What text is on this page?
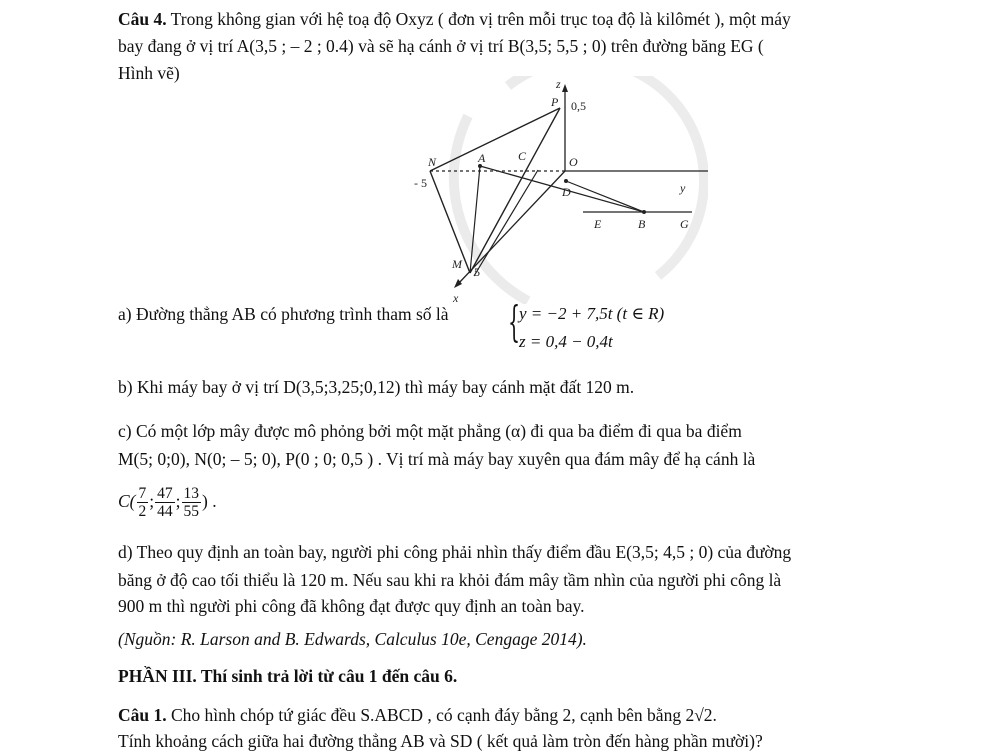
Câu 4. Trong không gian với hệ toạ độ Oxyz ( đơn vị trên mỗi trục toạ độ là kilômét ), một máy
bay đang ở vị trí A(3,5 ; – 2 ; 0.4) và sẽ hạ cánh ở vị trí B(3,5; 5,5 ; 0) trên đường băng EG (
Hình vẽ)
z
P 0,5
N	A	C	O
- 5
D	y
E	B	G
M
5
x
a) Đường thẳng AB có phương trình tham số là {
y = −2 + 7,5t (t ∈ R)
z = 0,4 − 0,4t
b) Khi máy bay ở vị trí D(3,5;3,25;0,12) thì máy bay cánh mặt đất 120 m.
c) Có một lớp mây được mô phỏng bởi một mặt phẳng (α) đi qua ba điểm đi qua ba điểm
M(5; 0;0), N(0; – 5; 0), P(0 ; 0; 0,5 ) . Vị trí mà máy bay xuyên qua đám mây để hạ cánh là
$C( \frac{7}{2}$ ; $\frac{47}{44}$ ; $\frac{13}{55}$ ) .
d) Theo quy định an toàn bay, người phi công phải nhìn thấy điểm đầu E(3,5; 4,5 ; 0) của đường
băng ở độ cao tối thiểu là 120 m. Nếu sau khi ra khỏi đám mây tầm nhìn của người phi công là
900 m thì người phi công đã không đạt được quy định an toàn bay.
(Nguồn: R. Larson and B. Edwards, Calculus 10e, Cengage 2014).
PHẦN III. Thí sinh trả lời từ câu 1 đến câu 6.
Câu 1. Cho hình chóp tứ giác đều S.ABCD , có cạnh đáy bằng 2, cạnh bên bằng 2√2.
Tính khoảng cách giữa hai đường thẳng AB và SD ( kết quả làm tròn đến hàng phần mười)?
